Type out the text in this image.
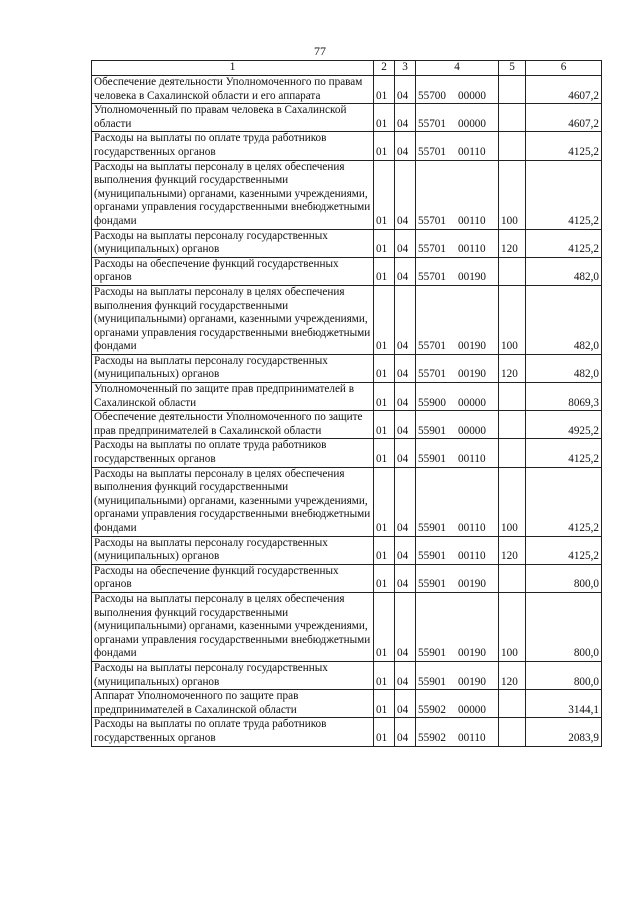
77
1	2	3	4	5	6
Обеспечение деятельности Уполномоченного по правам человека в Сахалинской области и его аппарата	01	04	55700 00000		4607,2
Уполномоченный по правам человека в Сахалинской области	01	04	55701 00000		4607,2
Расходы на выплаты по оплате труда работников государственных органов	01	04	55701 00110		4125,2
Расходы на выплаты персоналу в целях обеспечения выполнения функций государственными (муниципальными) органами, казенными учреждениями, органами управления государственными внебюджетными фондами	01	04	55701 00110	100	4125,2
Расходы на выплаты персоналу государственных (муниципальных) органов	01	04	55701 00110	120	4125,2
Расходы на обеспечение функций государственных органов	01	04	55701 00190		482,0
Расходы на выплаты персоналу в целях обеспечения выполнения функций государственными (муниципальными) органами, казенными учреждениями, органами управления государственными внебюджетными фондами	01	04	55701 00190	100	482,0
Расходы на выплаты персоналу государственных (муниципальных) органов	01	04	55701 00190	120	482,0
Уполномоченный по защите прав предпринимателей в Сахалинской области	01	04	55900 00000		8069,3
Обеспечение деятельности Уполномоченного по защите прав предпринимателей в Сахалинской области	01	04	55901 00000		4925,2
Расходы на выплаты по оплате труда работников государственных органов	01	04	55901 00110		4125,2
Расходы на выплаты персоналу в целях обеспечения выполнения функций государственными (муниципальными) органами, казенными учреждениями, органами управления государственными внебюджетными фондами	01	04	55901 00110	100	4125,2
Расходы на выплаты персоналу государственных (муниципальных) органов	01	04	55901 00110	120	4125,2
Расходы на обеспечение функций государственных органов	01	04	55901 00190		800,0
Расходы на выплаты персоналу в целях обеспечения выполнения функций государственными (муниципальными) органами, казенными учреждениями, органами управления государственными внебюджетными фондами	01	04	55901 00190	100	800,0
Расходы на выплаты персоналу государственных (муниципальных) органов	01	04	55901 00190	120	800,0
Аппарат Уполномоченного по защите прав предпринимателей в Сахалинской области	01	04	55902 00000		3144,1
Расходы на выплаты по оплате труда работников государственных органов	01	04	55902 00110		2083,9
